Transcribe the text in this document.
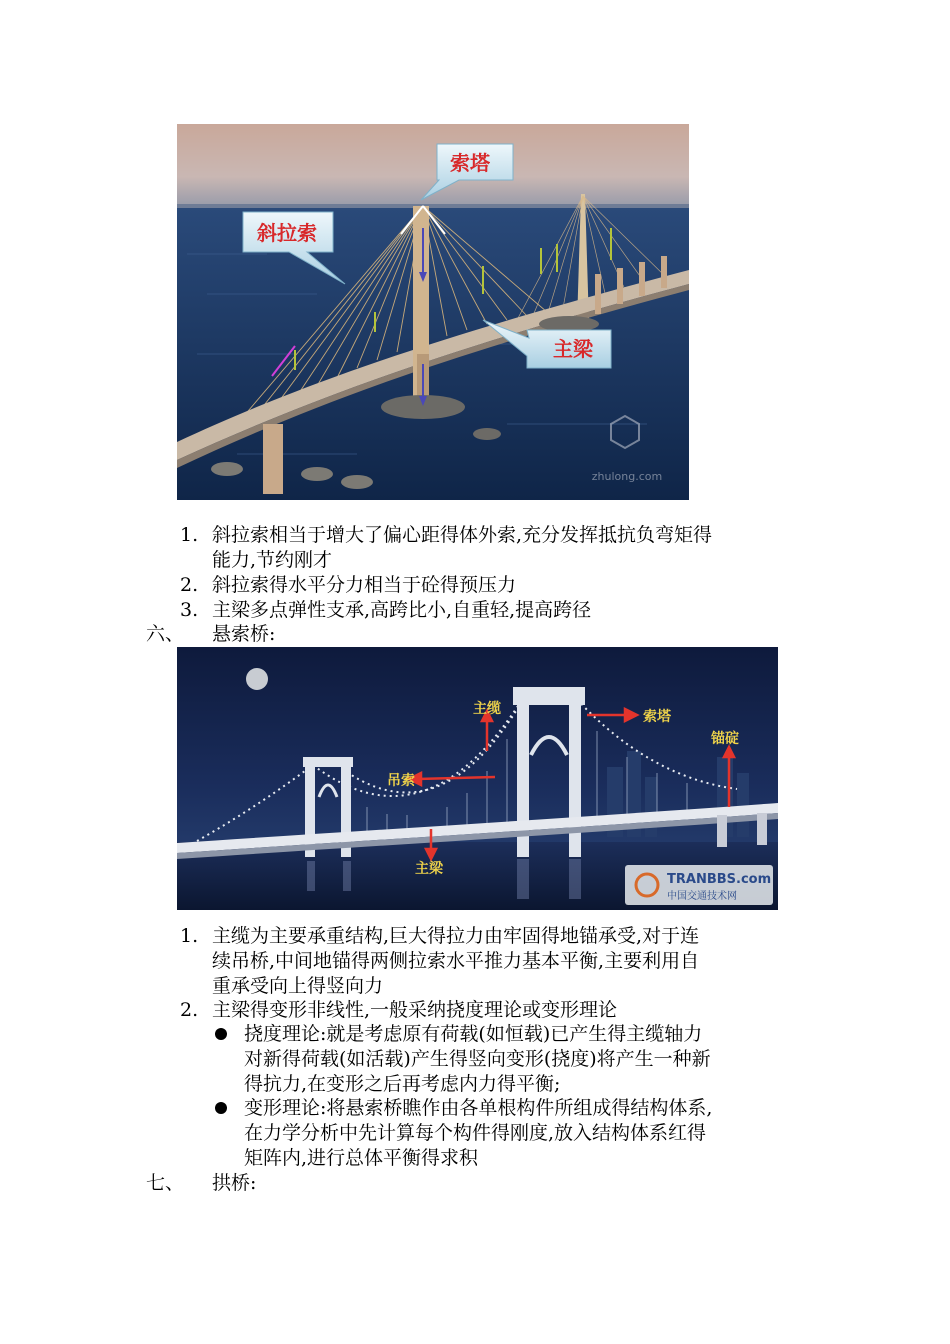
索塔
斜拉索
主梁
zhulong.com
1. 斜拉索相当于增大了偏心距得体外索,充分发挥抵抗负弯矩得
能力,节约刚才
2. 斜拉索得水平分力相当于砼得预压力
3. 主梁多点弹性支承,高跨比小,自重轻,提高跨径
六、 悬索桥:
主缆	索塔
吊索
锚碇
主梁
TRANBBS.com
中国交通技术网
1. 主缆为主要承重结构,巨大得拉力由牢固得地锚承受,对于连
续吊桥,中间地锚得两侧拉索水平推力基本平衡,主要利用自
重承受向上得竖向力
2. 主梁得变形非线性,一般采纳挠度理论或变形理论
挠度理论:就是考虑原有荷载(如恒载)已产生得主缆轴力
对新得荷载(如活载)产生得竖向变形(挠度)将产生一种新
得抗力,在变形之后再考虑内力得平衡;
变形理论:将悬索桥瞧作由各单根构件所组成得结构体系,
在力学分析中先计算每个构件得刚度,放入结构体系红得
矩阵内,进行总体平衡得求积
七、 拱桥:
